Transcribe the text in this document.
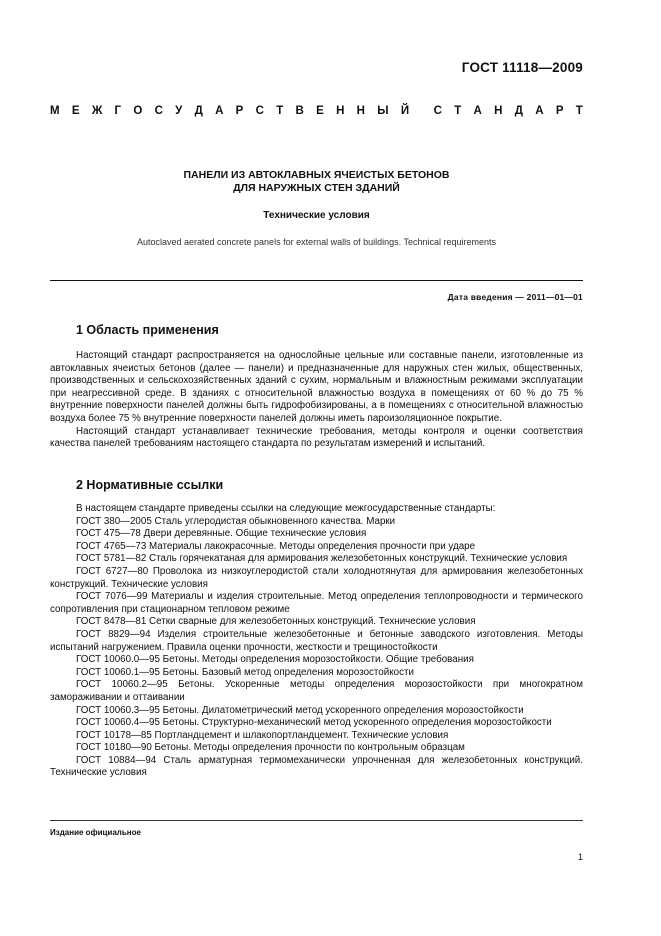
ГОСТ 11118—2009
М Е Ж Г О С У Д А Р С Т В Е Н Н Ы Й С Т А Н Д А Р Т
ПАНЕЛИ ИЗ АВТОКЛАВНЫХ ЯЧЕИСТЫХ БЕТОНОВ
ДЛЯ НАРУЖНЫХ СТЕН ЗДАНИЙ
Технические условия
Autoclaved aerated concrete panels for external walls of buildings. Technical requirements
Дата введения — 2011—01—01
1 Область применения

Настоящий стандарт распространяется на однослойные цельные или составные панели, изготовленные из автоклавных ячеистых бетонов (далее — панели) и предназначенные для наружных стен жилых, общественных, производственных и сельскохозяйственных зданий с сухим, нормальным и влажностным режимами эксплуатации при неагрессивной среде. В зданиях с относительной влажностью воздуха в помещениях от 60 % до 75 % внутренние поверхности панелей должны быть гидрофобизированы, а в помещениях с относительной влажностью воздуха более 75 % внутренние поверхности панелей должны иметь пароизоляционное покрытие.

Настоящий стандарт устанавливает технические требования, методы контроля и оценки соответствия качества панелей требованиям настоящего стандарта по результатам измерений и испытаний.

2 Нормативные ссылки

В настоящем стандарте приведены ссылки на следующие межгосударственные стандарты:

ГОСТ 380—2005 Сталь углеродистая обыкновенного качества. Марки

ГОСТ 475—78 Двери деревянные. Общие технические условия

ГОСТ 4765—73 Материалы лакокрасочные. Методы определения прочности при ударе

ГОСТ 5781—82 Сталь горячекатаная для армирования железобетонных конструкций. Технические условия

ГОСТ 6727—80 Проволока из низкоуглеродистой стали холоднотянутая для армирования железобетонных конструкций. Технические условия

ГОСТ 7076—99 Материалы и изделия строительные. Метод определения теплопроводности и термического сопротивления при стационарном тепловом режиме

ГОСТ 8478—81 Сетки сварные для железобетонных конструкций. Технические условия

ГОСТ 8829—94 Изделия строительные железобетонные и бетонные заводского изготовления. Методы испытаний нагружением. Правила оценки прочности, жесткости и трещиностойкости

ГОСТ 10060.0—95 Бетоны. Методы определения морозостойкости. Общие требования

ГОСТ 10060.1—95 Бетоны. Базовый метод определения морозостойкости

ГОСТ 10060.2—95 Бетоны. Ускоренные методы определения морозостойкости при многократном замораживании и оттаивании

ГОСТ 10060.3—95 Бетоны. Дилатометрический метод ускоренного определения морозостойкости

ГОСТ 10060.4—95 Бетоны. Структурно-механический метод ускоренного определения морозостойкости

ГОСТ 10178—85 Портландцемент и шлакопортландцемент. Технические условия

ГОСТ 10180—90 Бетоны. Методы определения прочности по контрольным образцам

ГОСТ 10884—94 Сталь арматурная термомеханически упрочненная для железобетонных конструкций. Технические условия

Издание официальное
1
